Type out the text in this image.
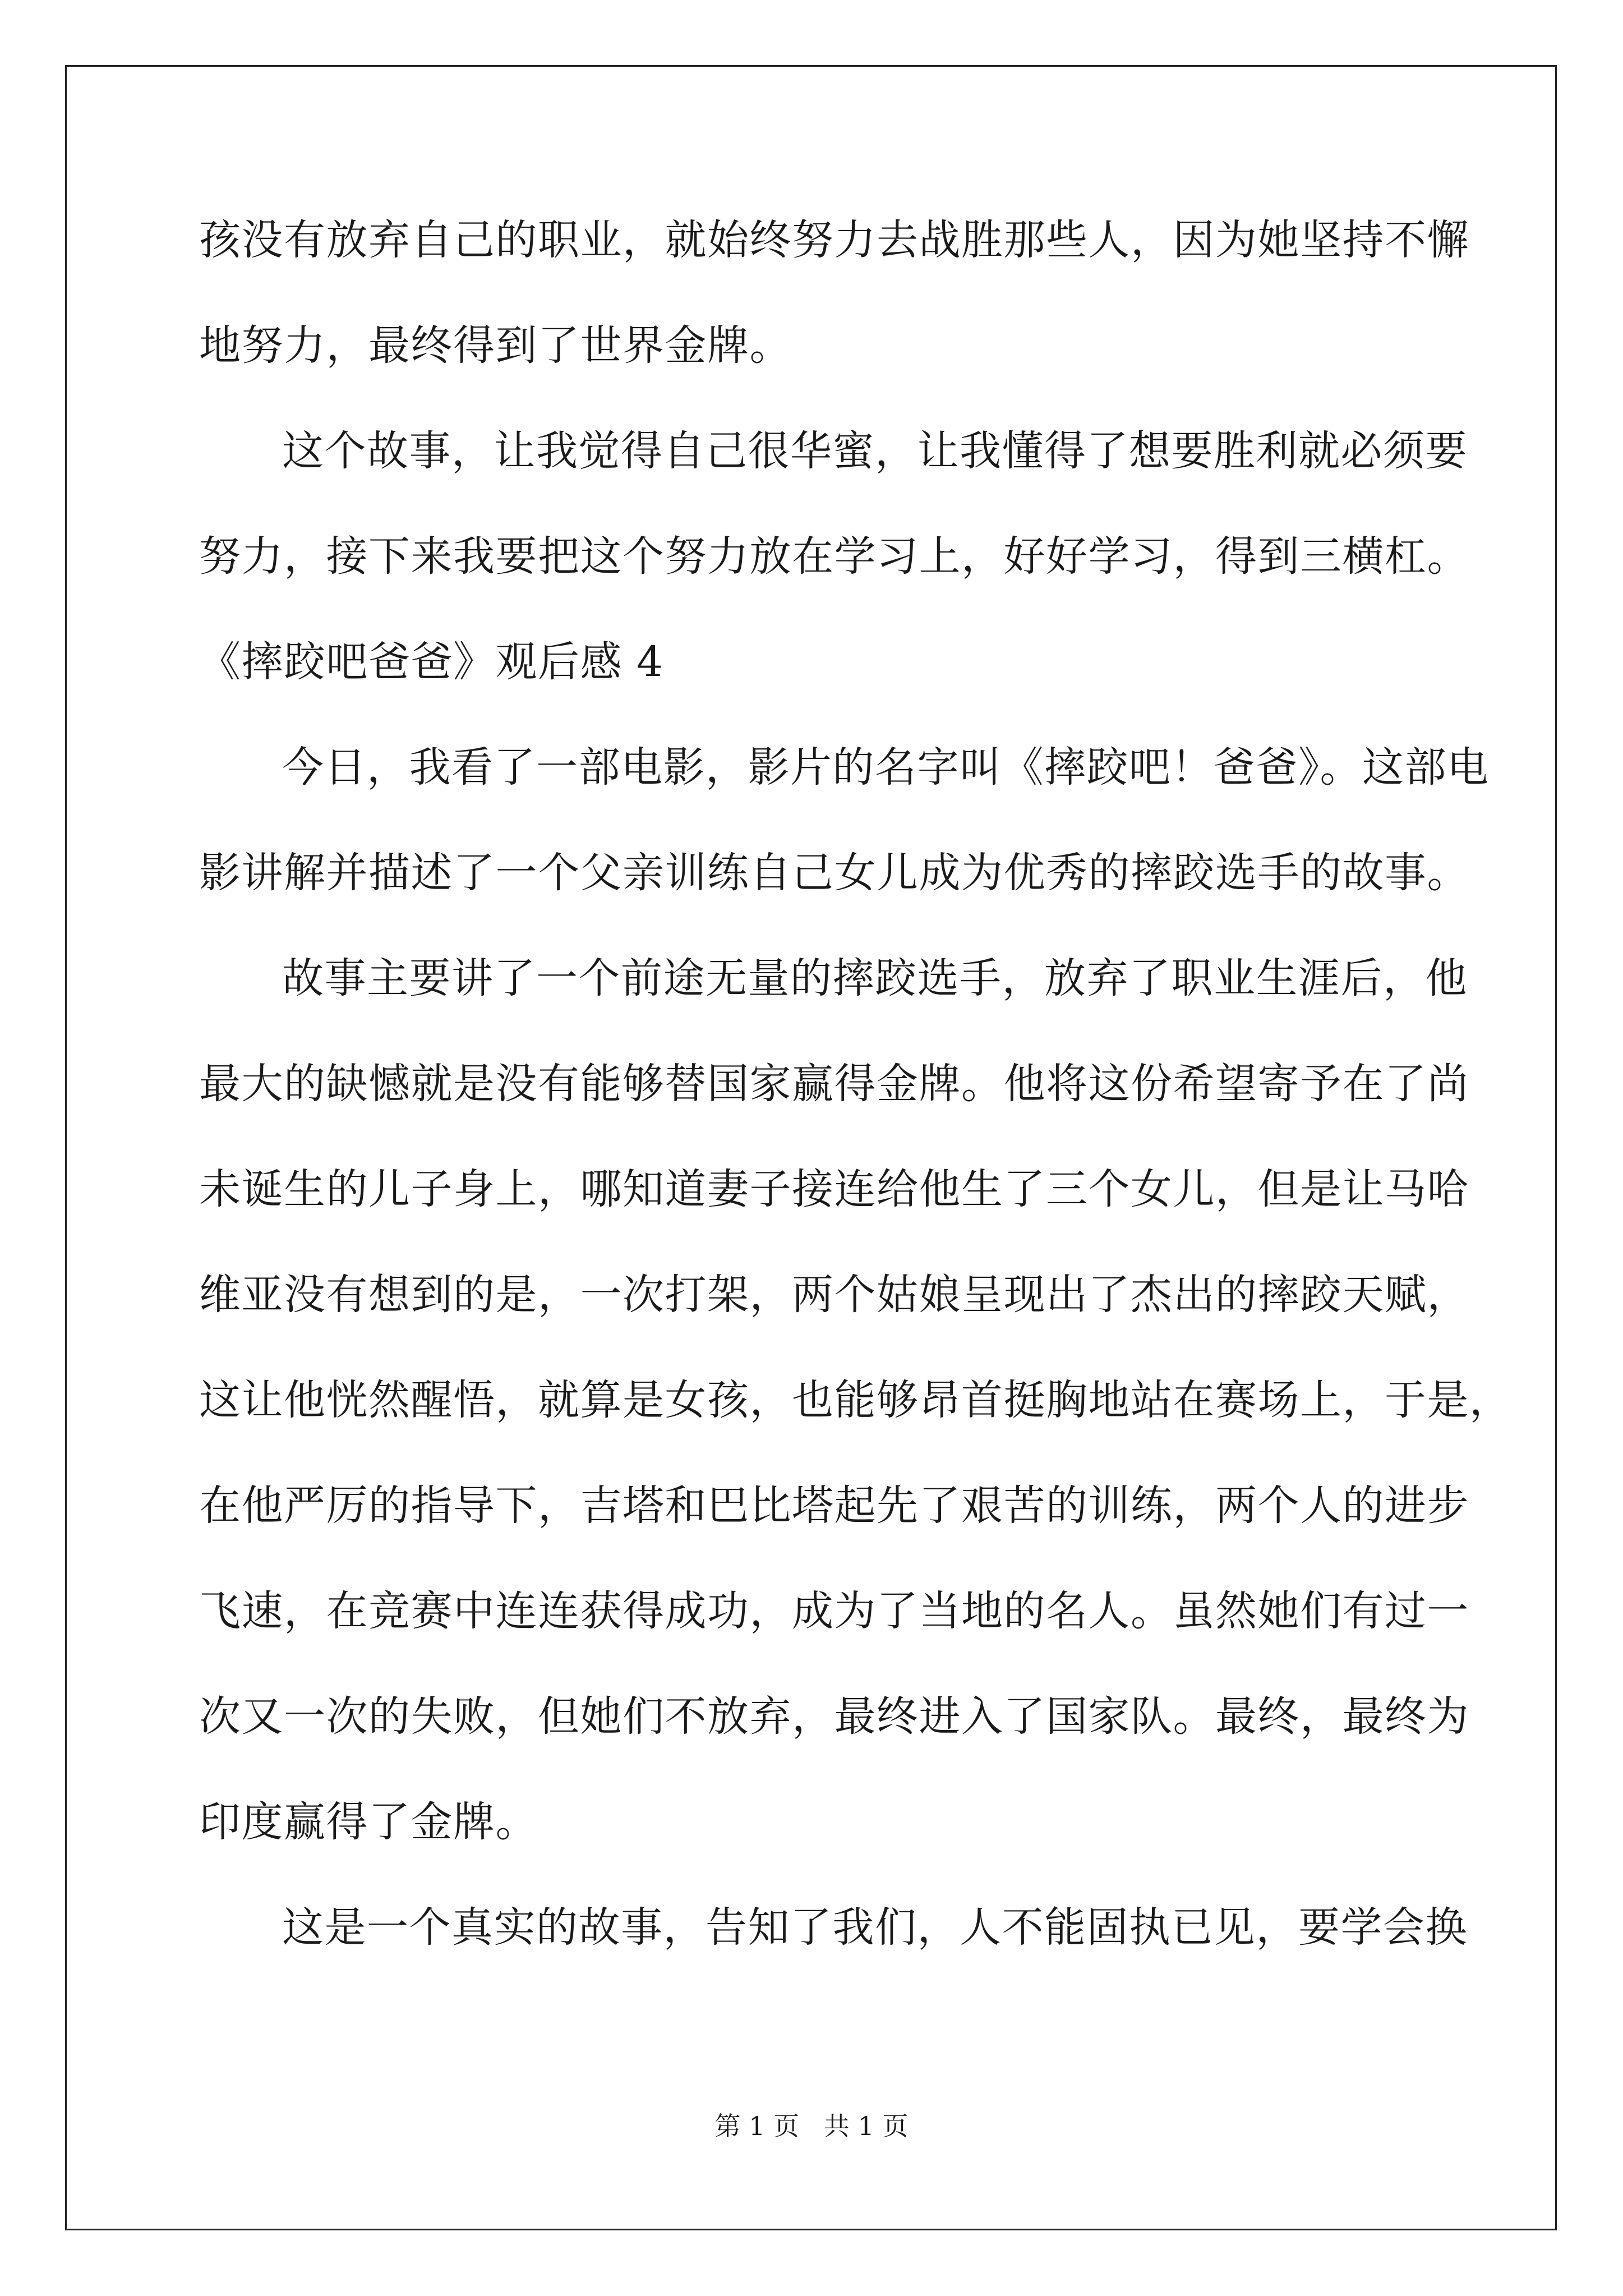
孩没有放弃自己的职业，就始终努力去战胜那些人，因为她坚持不懈
地努力，最终得到了世界金牌。
这个故事，让我觉得自己很华蜜，让我懂得了想要胜利就必须要
努力，接下来我要把这个努力放在学习上，好好学习，得到三横杠。
《摔跤吧爸爸》观后感 4
今日，我看了一部电影，影片的名字叫《摔跤吧！爸爸》。这部电
影讲解并描述了一个父亲训练自己女儿成为优秀的摔跤选手的故事。
故事主要讲了一个前途无量的摔跤选手，放弃了职业生涯后，他
最大的缺憾就是没有能够替国家赢得金牌。他将这份希望寄予在了尚
未诞生的儿子身上，哪知道妻子接连给他生了三个女儿，但是让马哈
维亚没有想到的是，一次打架，两个姑娘呈现出了杰出的摔跤天赋，
这让他恍然醒悟，就算是女孩，也能够昂首挺胸地站在赛场上，于是，
在他严厉的指导下，吉塔和巴比塔起先了艰苦的训练，两个人的进步
飞速，在竞赛中连连获得成功，成为了当地的名人。虽然她们有过一
次又一次的失败，但她们不放弃，最终进入了国家队。最终，最终为
印度赢得了金牌。
这是一个真实的故事，告知了我们，人不能固执已见，要学会换
第 1 页   共 1 页
